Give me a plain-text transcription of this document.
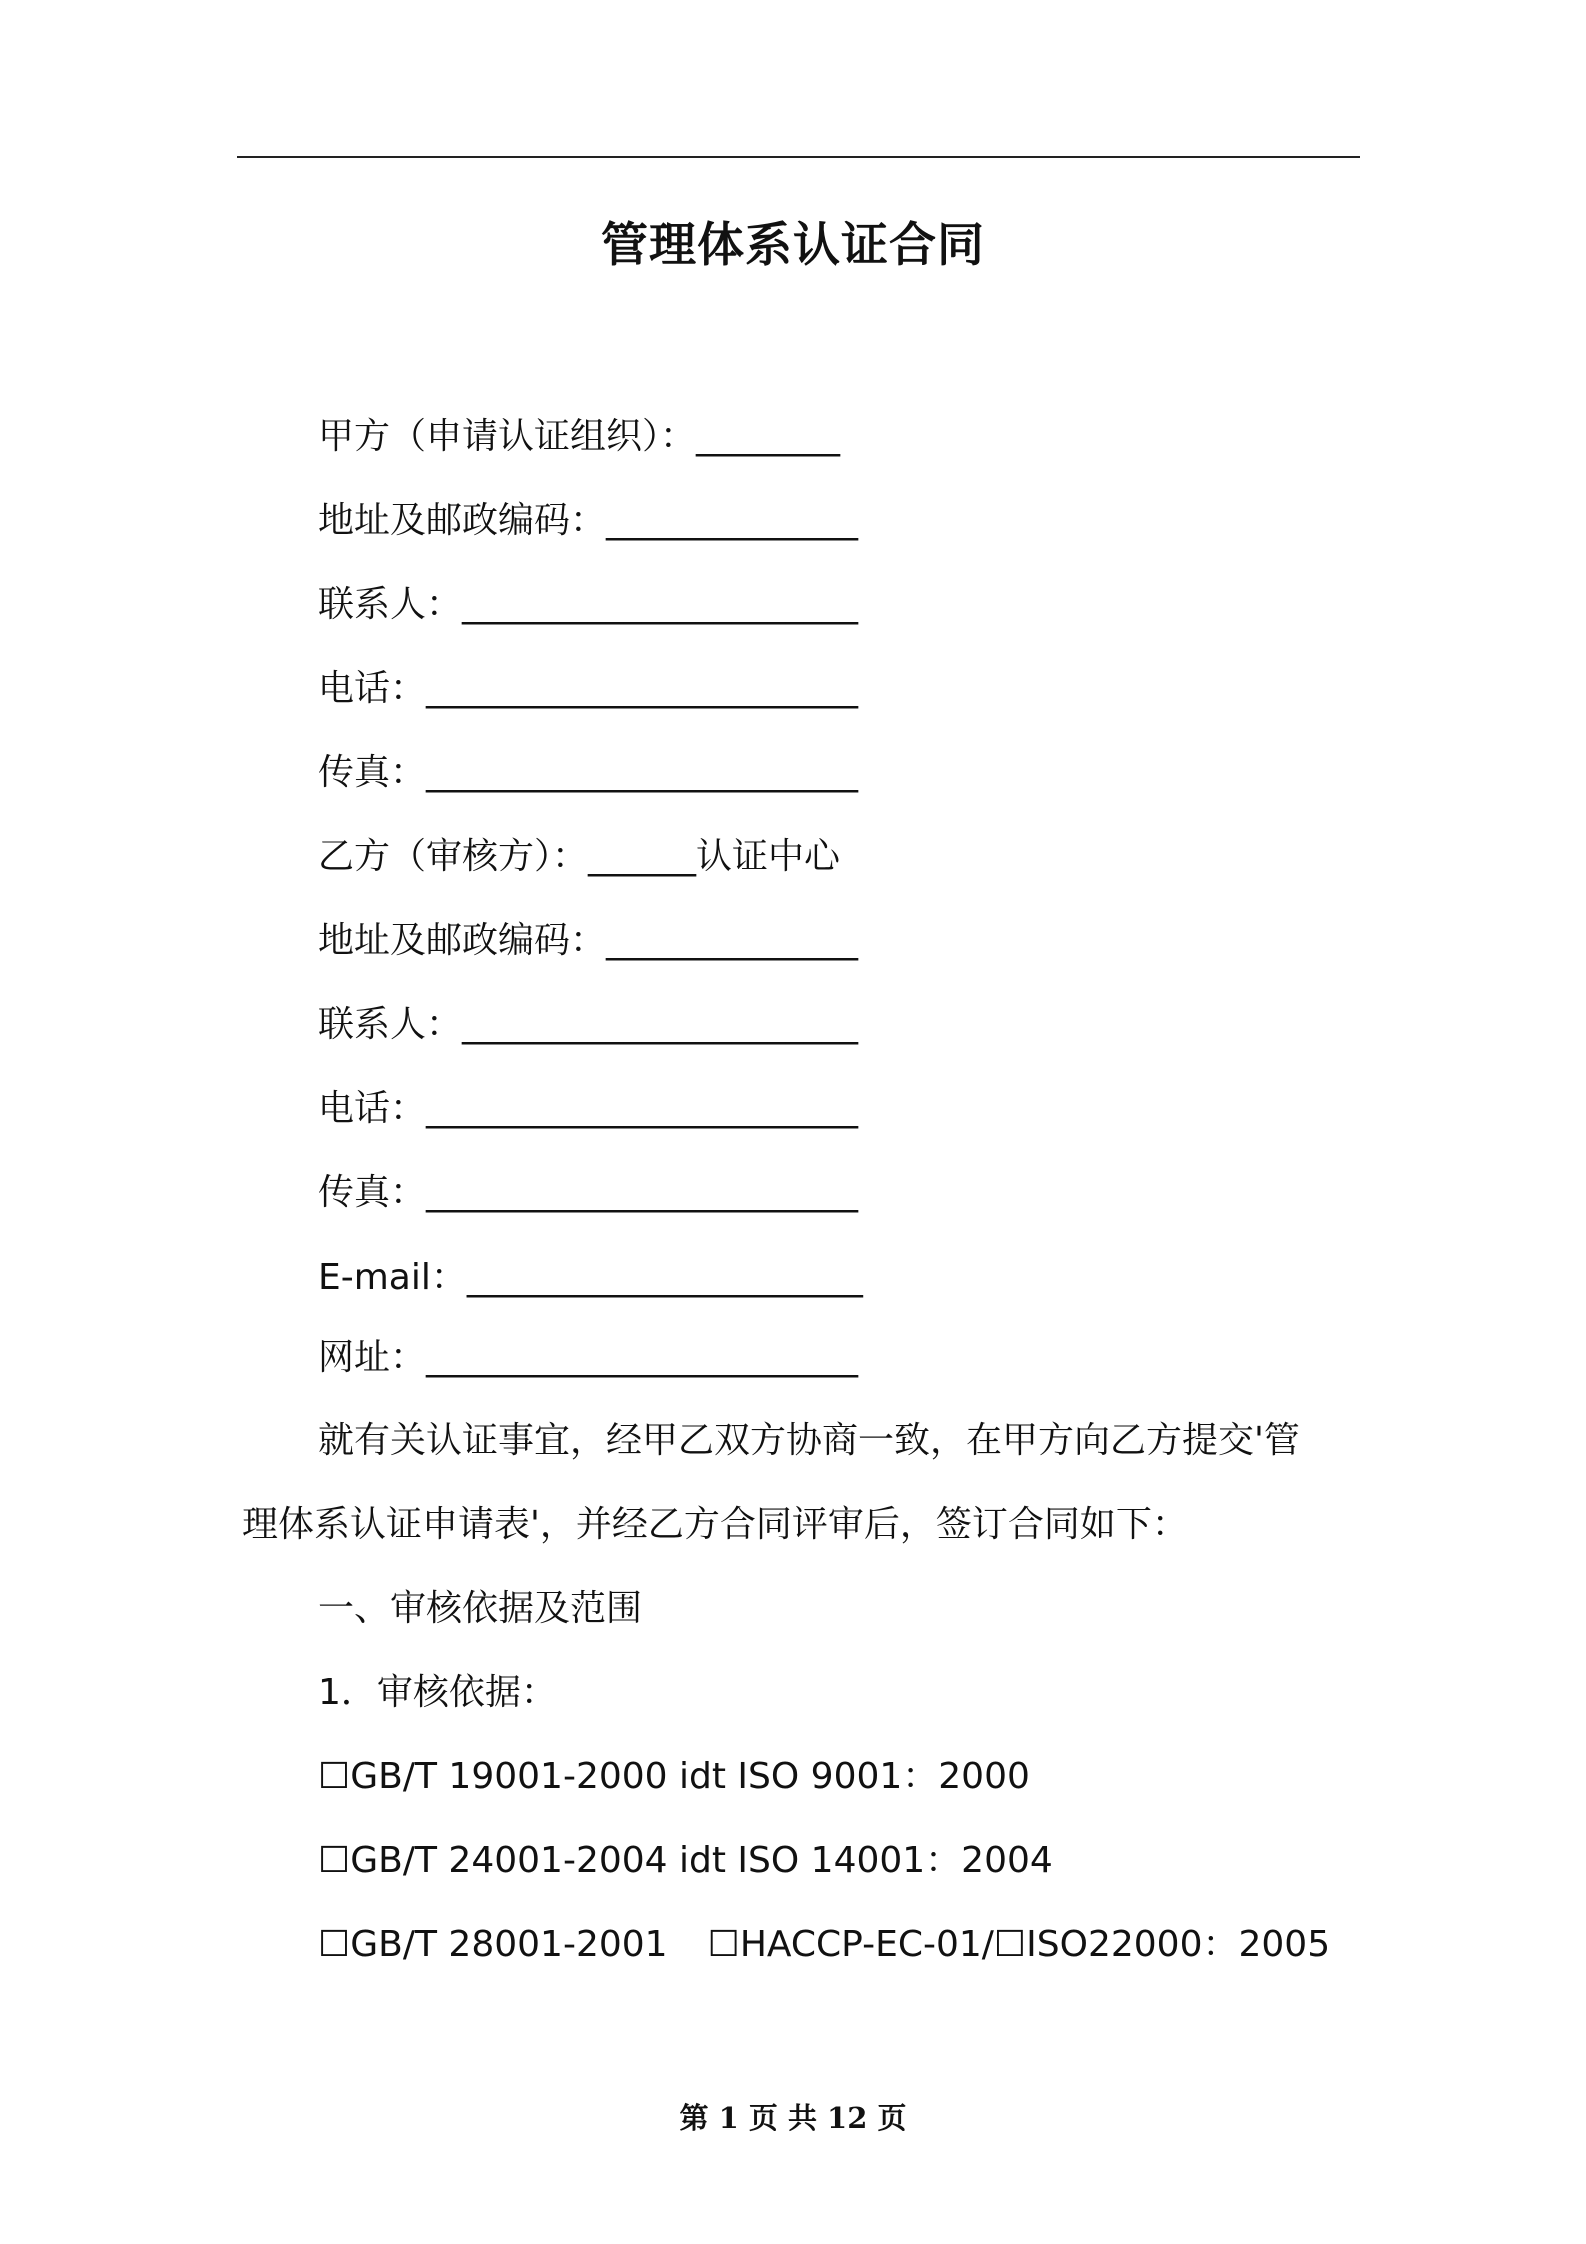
管理体系认证合同
甲方（申请认证组织）：________
地址及邮政编码：______________
联系人：______________________
电话：________________________
传真：________________________
乙方（审核方）：______认证中心
地址及邮政编码：______________
联系人：______________________
电话：________________________
传真：________________________
E-mail：______________________
网址：________________________
就有关认证事宜，经甲乙双方协商一致，在甲方向乙方提交'管
理体系认证申请表'，并经乙方合同评审后，签订合同如下：
一、审核依据及范围
1．审核依据：
☐GB/T 19001-2000 idt ISO 9001：2000
☐GB/T 24001-2004 idt ISO 14001：2004
☐GB/T 28001-2001 ☐HACCP-EC-01/☐ISO22000：2005
第 1 页 共 12 页
